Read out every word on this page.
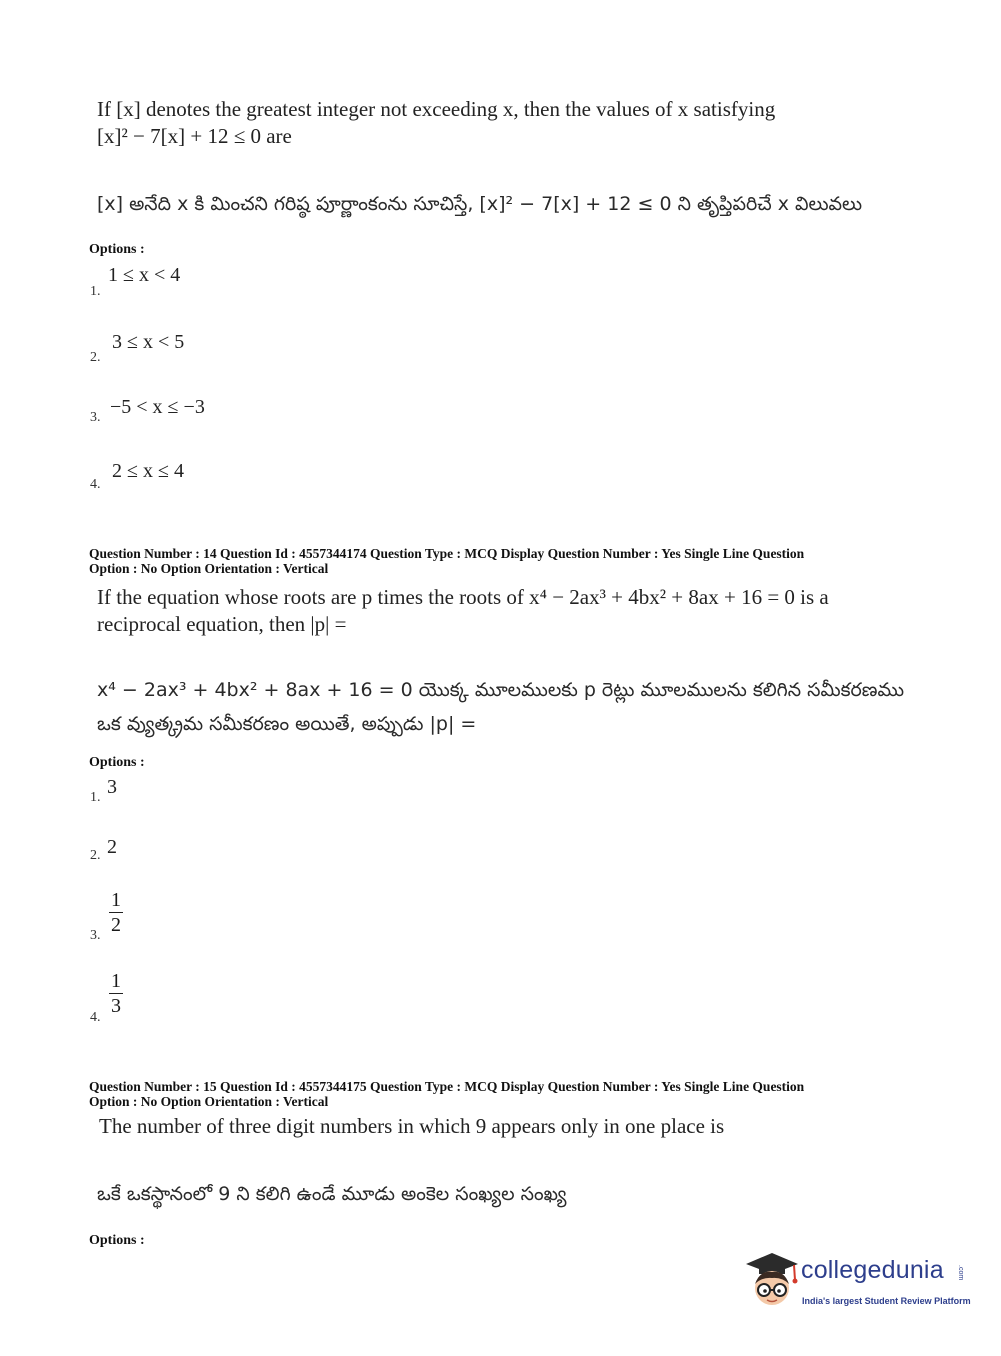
If [x] denotes the greatest integer not exceeding x, then the values of x satisfying
[x]² − 7[x] + 12 ≤ 0 are
[x] అనేది x కి మించని గరిష్ఠ పూర్ణాంకంను సూచిస్తే, [x]² − 7[x] + 12 ≤ 0 ని తృప్తిపరిచే x విలువలు
Options :
1.
1 ≤ x < 4
2.
3 ≤ x < 5
3. −5 < x ≤ −3
4.
2 ≤ x ≤ 4
Question Number : 14 Question Id : 4557344174 Question Type : MCQ Display Question Number : Yes Single Line Question
Option : No Option Orientation : Vertical
If the equation whose roots are p times the roots of x⁴ − 2ax³ + 4bx² + 8ax + 16 = 0 is a
reciprocal equation, then |p| =
x⁴ − 2ax³ + 4bx² + 8ax + 16 = 0 యొక్క మూలములకు p రెట్లు మూలములను కలిగిన సమీకరణము
ఒక వ్యుత్క్రమ సమీకరణం అయితే, అప్పుడు |p| =
Options :
1. 3
2. 2
3.
1
2
4.
1
3
Question Number : 15 Question Id : 4557344175 Question Type : MCQ Display Question Number : Yes Single Line Question
Option : No Option Orientation : Vertical
The number of three digit numbers in which 9 appears only in one place is
ఒకే ఒకస్థానంలో 9 ని కలిగి ఉండే మూడు అంకెల సంఖ్యల సంఖ్య
Options :
collegedunia .com
India's largest Student Review Platform
